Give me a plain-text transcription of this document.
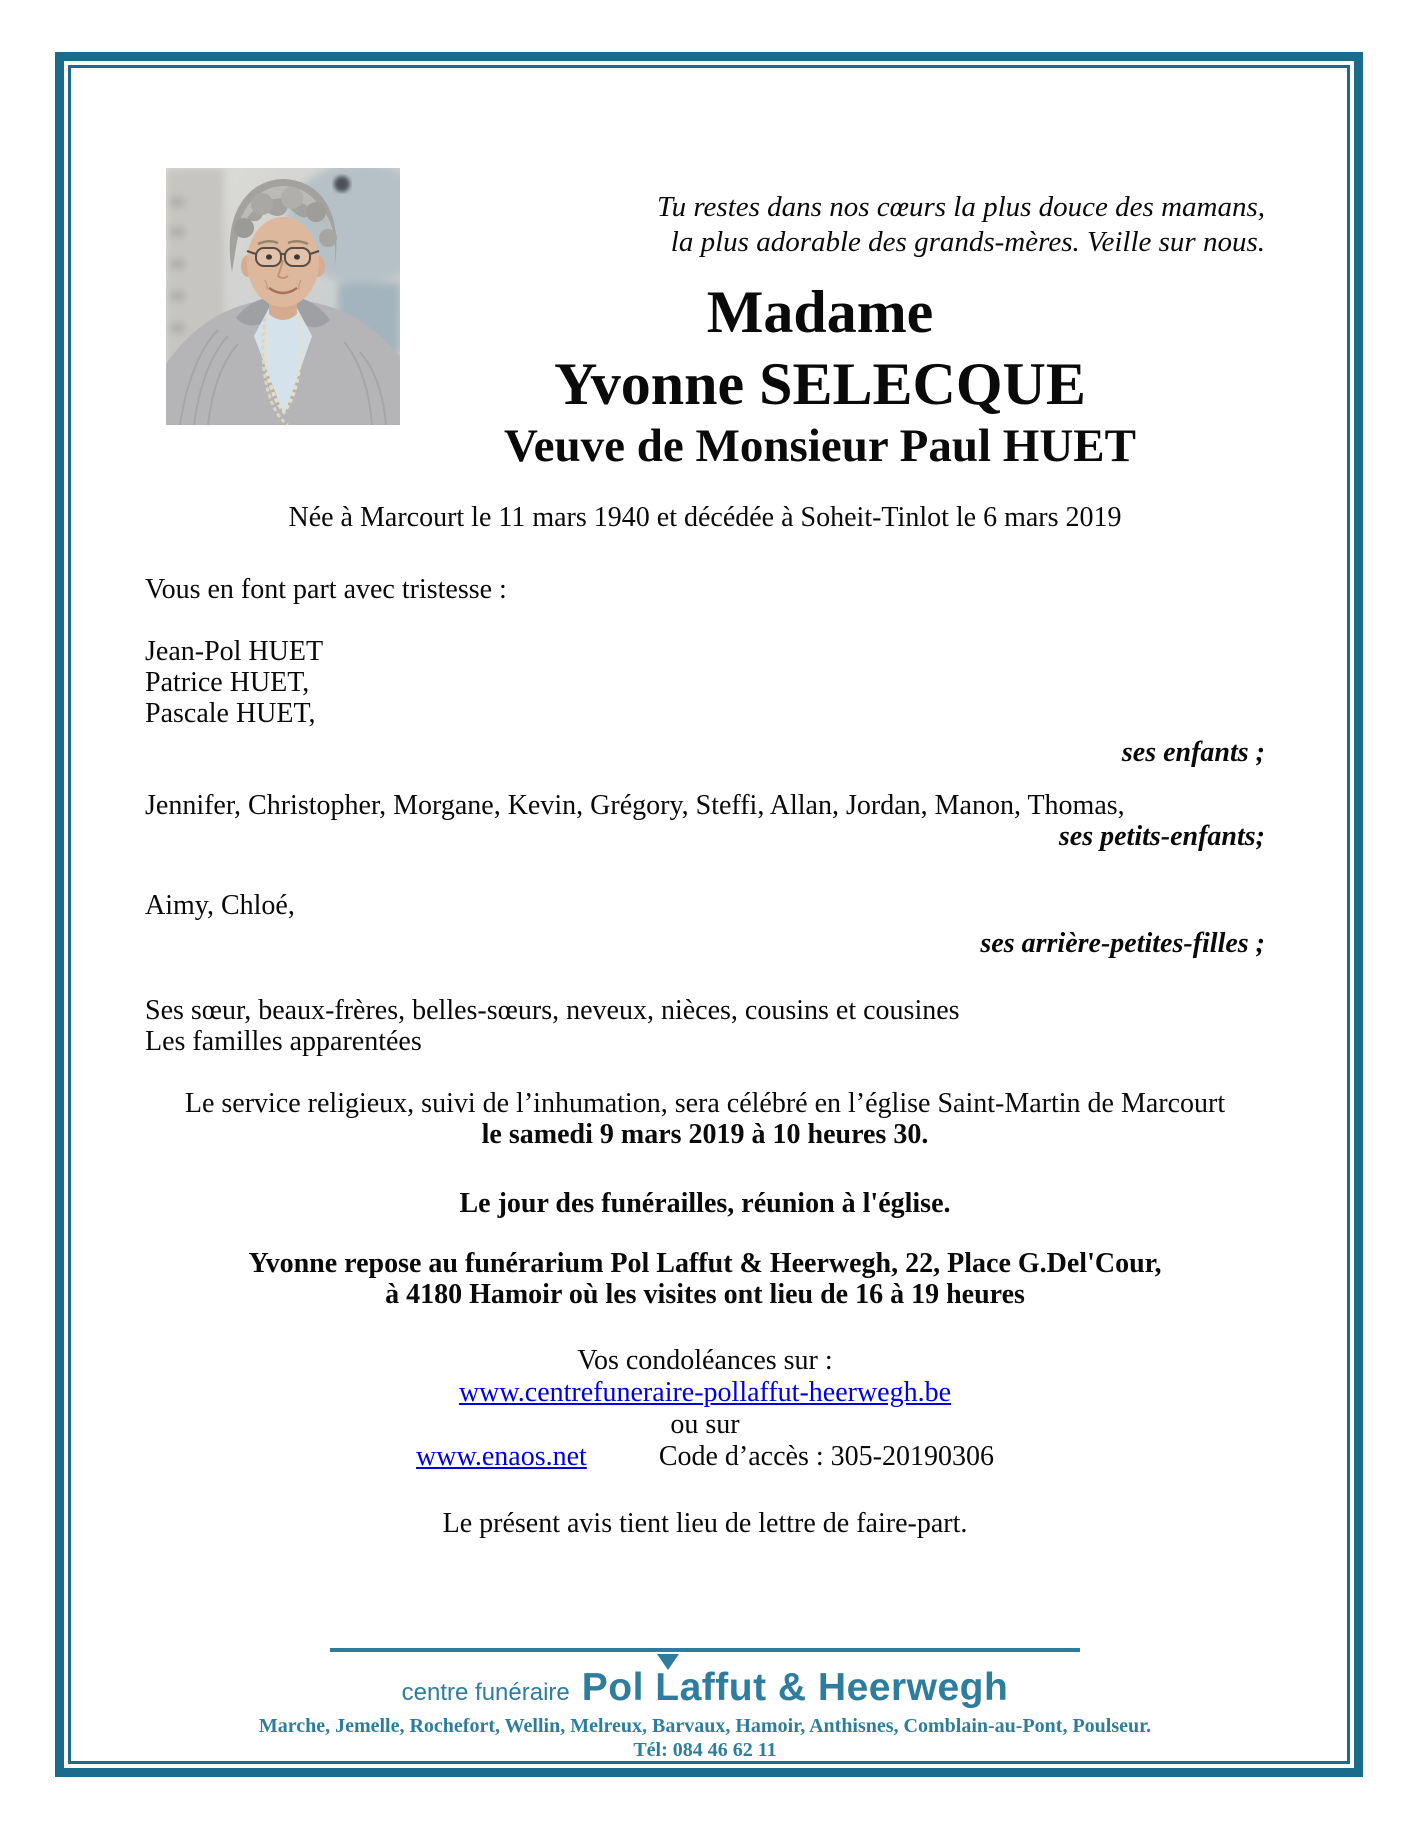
Tu restes dans nos cœurs la plus douce des mamans,
la plus adorable des grands-mères. Veille sur nous.
Madame
Yvonne SELECQUE
Veuve de Monsieur Paul HUET
Née à Marcourt le 11 mars 1940 et décédée à Soheit-Tinlot le 6 mars 2019
Vous en font part avec tristesse :
Jean-Pol HUET
Patrice HUET,
Pascale HUET,
ses enfants ;
Jennifer, Christopher, Morgane, Kevin, Grégory, Steffi, Allan, Jordan, Manon, Thomas,
ses petits-enfants;
Aimy, Chloé,
ses arrière-petites-filles ;
Ses sœur, beaux-frères, belles-sœurs, neveux, nièces, cousins et cousines
Les familles apparentées
Le service religieux, suivi de l’inhumation, sera célébré en l’église Saint-Martin de Marcourt
le samedi 9 mars 2019 à 10 heures 30.
Le jour des funérailles, réunion à l'église.
Yvonne repose au funérarium Pol Laffut & Heerwegh, 22, Place G.Del'Cour,
à 4180 Hamoir où les visites ont lieu de 16 à 19 heures
Vos condoléances sur :
www.centrefuneraire-pollaffut-heerwegh.be
ou sur
www.enaos.net	Code d’accès : 305-20190306
Le présent avis tient lieu de lettre de faire-part.
centre funéraire Pol Laffut & Heerwegh
Marche, Jemelle, Rochefort, Wellin, Melreux, Barvaux, Hamoir, Anthisnes, Comblain-au-Pont, Poulseur.
Tél: 084 46 62 11
